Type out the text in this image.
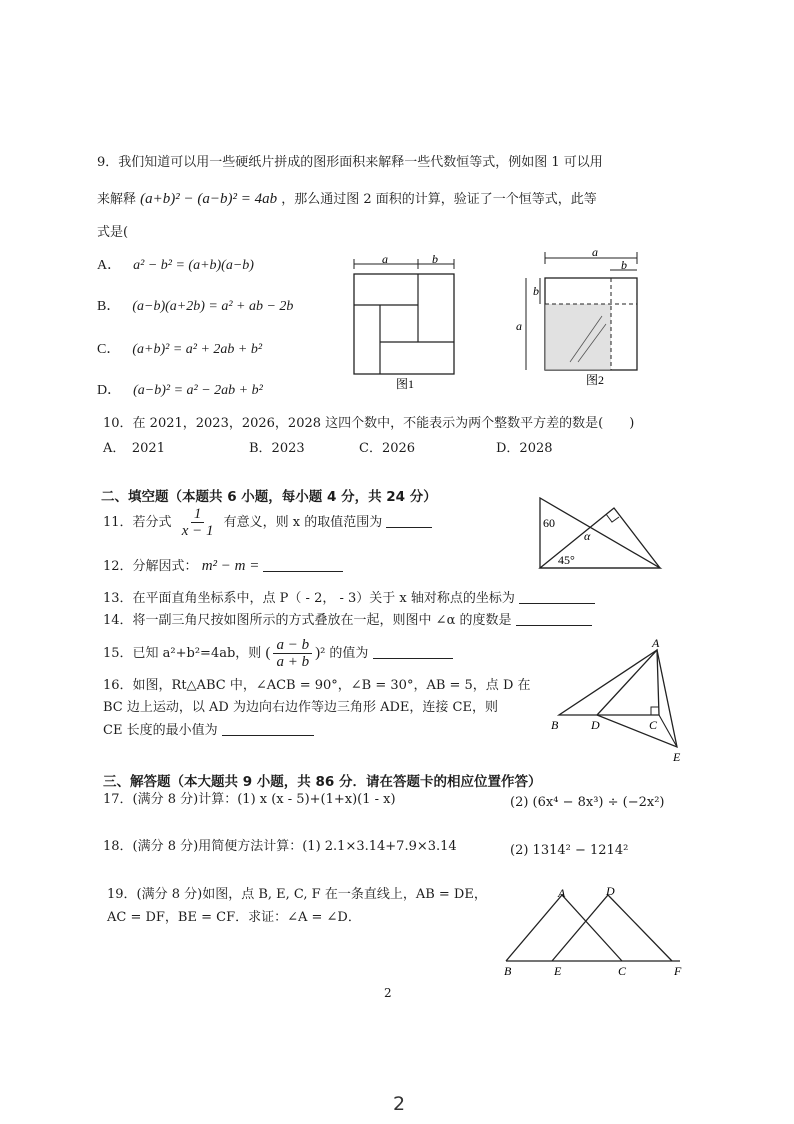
9．我们知道可以用一些硬纸片拼成的图形面积来解释一些代数恒等式，例如图 1 可以用
来解释 (a+b)² − (a−b)² = 4ab ，那么通过图 2 面积的计算，验证了一个恒等式，此等
式是(
A． a² − b² = (a+b)(a−b)
B． (a−b)(a+2b) = a² + ab − 2b
C． (a+b)² = a² + 2ab + b²
D． (a−b)² = a² − 2ab + b²
a	b
图1
a
b
a
b
图2
10．在 2021，2023，2026，2028 这四个数中，不能表示为两个整数平方差的数是(　　)
A．　2021	B．2023	C．2026	D．2028
二、填空题（本题共 6 小题，每小题 4 分，共 24 分）
11．若分式 $\frac{1}{x - 1}$ 有意义，则 x 的取值范围为	60
45°
α
12．分解因式： m² − m =
13．在平面直角坐标系中，点 P（ - 2， - 3）关于 x 轴对称点的坐标为
14．将一副三角尺按如图所示的方式叠放在一起，则图中 ∠α 的度数是
15．已知 a²+b²=4ab，则 ( $\frac{a - b}{a + b} )^2$ 的值为
16．如图，Rt△ABC 中，∠ACB = 90°，∠B = 30°，AB = 5，点 D 在
BC 边上运动，以 AD 为边向右边作等边三角形 ADE，连接 CE，则
CE 长度的最小值为
A
B	D	C
E
三、解答题（本大题共 9 小题，共 86 分．请在答题卡的相应位置作答）
17．(满分 8 分)计算：(1) x (x - 5)+(1+x)(1 - x)	(2) (6x⁴ − 8x³) ÷ (−2x²)
18．(满分 8 分)用简便方法计算：(1) 2.1×3.14+7.9×3.14	(2) 1314² − 1214²
19．(满分 8 分)如图，点 B, E, C, F 在一条直线上，AB = DE，
AC = DF，BE = CF．求证：∠A = ∠D．
A	D
B	E	C	F
2
2
